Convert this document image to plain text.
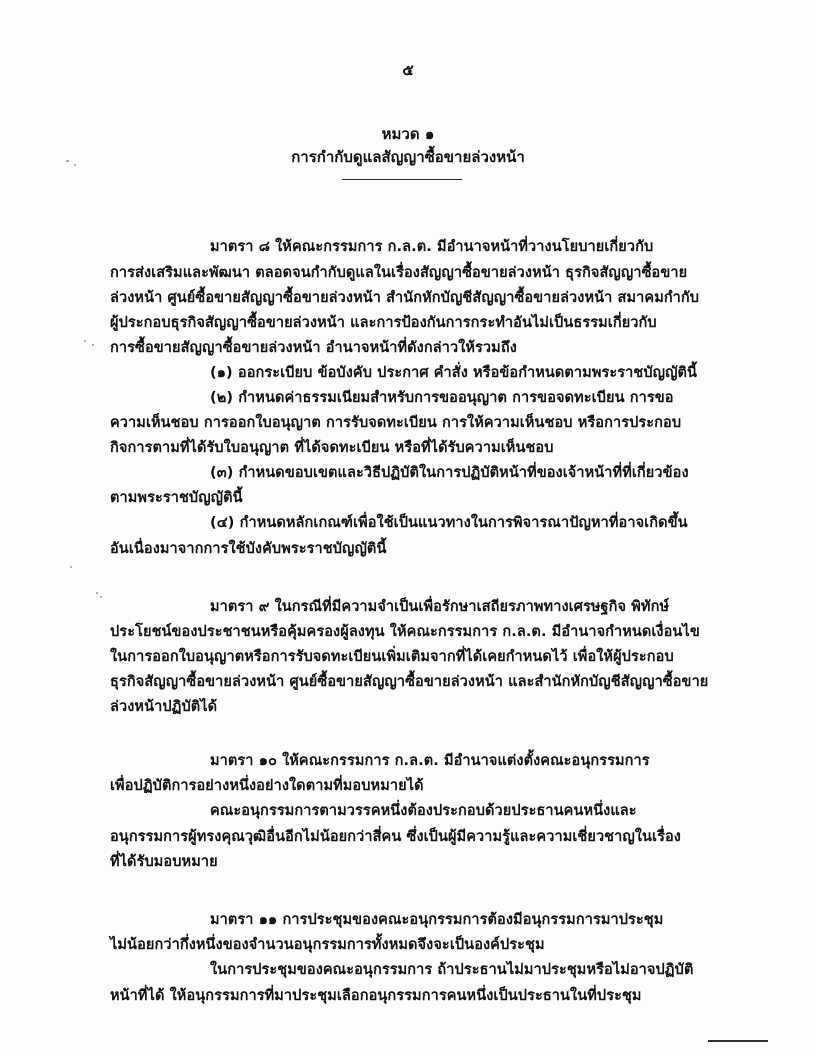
๕
หมวด ๑
การกำกับดูแลสัญญาซื้อขายล่วงหน้า
มาตรา ๘ ให้คณะกรรมการ ก.ล.ต. มีอำนาจหน้าที่วางนโยบายเกี่ยวกับ
การส่งเสริมและพัฒนา ตลอดจนกำกับดูแลในเรื่องสัญญาซื้อขายล่วงหน้า ธุรกิจสัญญาซื้อขาย
ล่วงหน้า ศูนย์ซื้อขายสัญญาซื้อขายล่วงหน้า สำนักหักบัญชีสัญญาซื้อขายล่วงหน้า สมาคมกำกับ
ผู้ประกอบธุรกิจสัญญาซื้อขายล่วงหน้า และการป้องกันการกระทำอันไม่เป็นธรรมเกี่ยวกับ
การซื้อขายสัญญาซื้อขายล่วงหน้า อำนาจหน้าที่ดังกล่าวให้รวมถึง
(๑) ออกระเบียบ ข้อบังคับ ประกาศ คำสั่ง หรือข้อกำหนดตามพระราชบัญญัตินี้
(๒) กำหนดค่าธรรมเนียมสำหรับการขออนุญาต การขอจดทะเบียน การขอ
ความเห็นชอบ การออกใบอนุญาต การรับจดทะเบียน การให้ความเห็นชอบ หรือการประกอบ
กิจการตามที่ได้รับใบอนุญาต ที่ได้จดทะเบียน หรือที่ได้รับความเห็นชอบ
(๓) กำหนดขอบเขตและวิธีปฏิบัติในการปฏิบัติหน้าที่ของเจ้าหน้าที่ที่เกี่ยวข้อง
ตามพระราชบัญญัตินี้
(๔) กำหนดหลักเกณฑ์เพื่อใช้เป็นแนวทางในการพิจารณาปัญหาที่อาจเกิดขึ้น
อันเนื่องมาจากการใช้บังคับพระราชบัญญัตินี้
มาตรา ๙ ในกรณีที่มีความจำเป็นเพื่อรักษาเสถียรภาพทางเศรษฐกิจ พิทักษ์
ประโยชน์ของประชาชนหรือคุ้มครองผู้ลงทุน ให้คณะกรรมการ ก.ล.ต. มีอำนาจกำหนดเงื่อนไข
ในการออกใบอนุญาตหรือการรับจดทะเบียนเพิ่มเติมจากที่ได้เคยกำหนดไว้ เพื่อให้ผู้ประกอบ
ธุรกิจสัญญาซื้อขายล่วงหน้า ศูนย์ซื้อขายสัญญาซื้อขายล่วงหน้า และสำนักหักบัญชีสัญญาซื้อขาย
ล่วงหน้าปฏิบัติได้
มาตรา ๑๐ ให้คณะกรรมการ ก.ล.ต. มีอำนาจแต่งตั้งคณะอนุกรรมการ
เพื่อปฏิบัติการอย่างหนึ่งอย่างใดตามที่มอบหมายได้
คณะอนุกรรมการตามวรรคหนึ่งต้องประกอบด้วยประธานคนหนึ่งและ
อนุกรรมการผู้ทรงคุณวุฒิอื่นอีกไม่น้อยกว่าสี่คน ซึ่งเป็นผู้มีความรู้และความเชี่ยวชาญในเรื่อง
ที่ได้รับมอบหมาย
มาตรา ๑๑ การประชุมของคณะอนุกรรมการต้องมีอนุกรรมการมาประชุม
ไม่น้อยกว่ากึ่งหนึ่งของจำนวนอนุกรรมการทั้งหมดจึงจะเป็นองค์ประชุม
ในการประชุมของคณะอนุกรรมการ ถ้าประธานไม่มาประชุมหรือไม่อาจปฏิบัติ
หน้าที่ได้ ให้อนุกรรมการที่มาประชุมเลือกอนุกรรมการคนหนึ่งเป็นประธานในที่ประชุม
